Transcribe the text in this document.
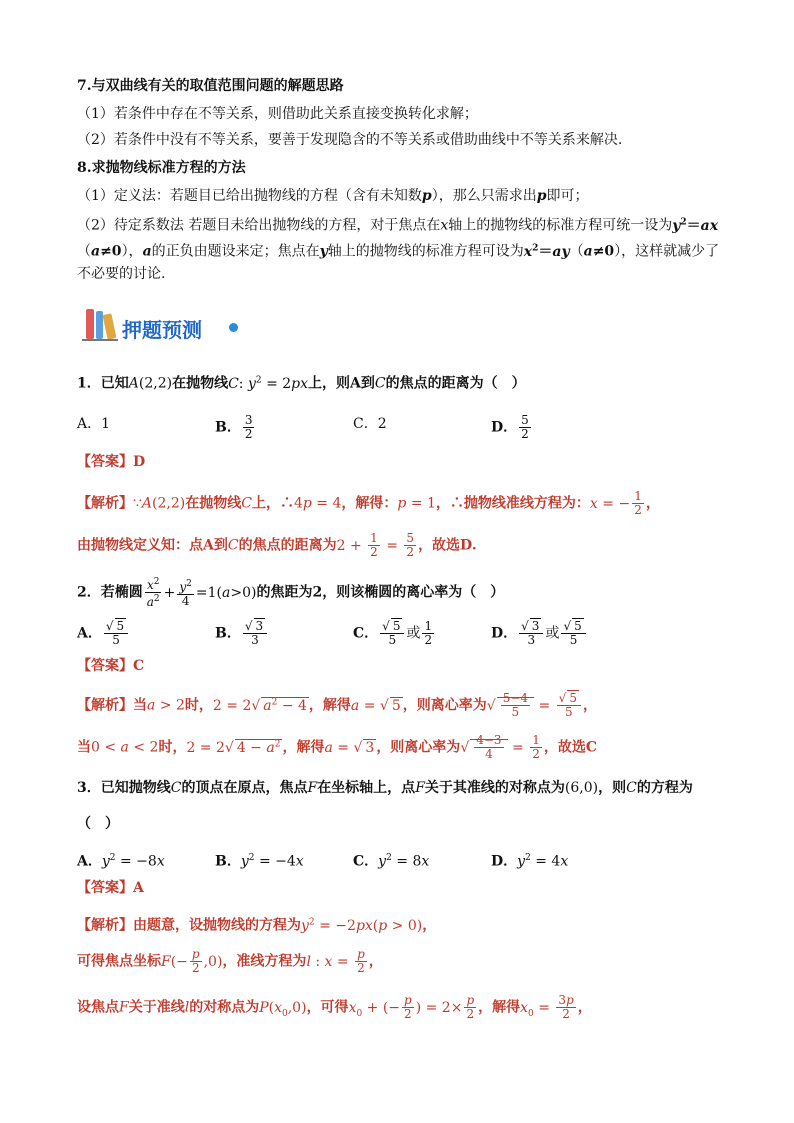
7.与双曲线有关的取值范围问题的解题思路
（1）若条件中存在不等关系，则借助此关系直接变换转化求解；
（2）若条件中没有不等关系，要善于发现隐含的不等关系或借助曲线中不等关系来解决.
8.求抛物线标准方程的方法
（1）定义法：若题目已给出抛物线的方程（含有未知数p），那么只需求出p即可；
（2）待定系数法 若题目未给出抛物线的方程，对于焦点在x轴上的抛物线的标准方程可统一设为$y^2=ax$
（a≠0），a的正负由题设来定；焦点在y轴上的抛物线的标准方程可设为$x^2=ay(a\ne 0)$，这样就减少了
不必要的讨论.
押题预测
1．已知A(2,2)在抛物线C: $y^2 = 2px$上，则A到C的焦点的距离为（　）
A．1	B． $\frac{3}{2}$	C．2	D． $\frac{5}{2}$
【答案】D
【解析】∵A(2,2)在抛物线C上，∴4p = 4，解得：p = 1，∴抛物线准线方程为：x = − $\frac{1}{2}$ ，
由抛物线定义知：点A到C的焦点的距离为$2 + \frac{1}{2} = \frac{5}{2}$ ，故选D.
2．若椭圆 $\frac{x^2}{a^2} + \frac{y^2}{4} =1(a>0)$的焦距为2，则该椭圆的离心率为（　）
A． $\frac{√ 5}{5}$	B． $\frac{√ 3}{3}$	C． $\frac{√ 5}{5}$ 或 $\frac{1}{2}$	D． $\frac{√ 3}{3}$ 或 $\frac{√ 5}{5}$
【答案】C
【解析】当a > 2时，2 = 2√ $a^2 - 4$ ，解得a = √ 5 ，则离心率为√ $\frac{5-4}{5} = \frac{√ 5}{5}$ ，
当0 < a < 2时，2 = 2√ $4 - a^2$ ，解得a = √ 3 ，则离心率为√ $\frac{4-3}{4} = \frac{1}{2}$ ，故选C
3．已知抛物线C的顶点在原点，焦点F在坐标轴上，点F关于其准线的对称点为(6,0)，则C的方程为
（　）
A．$y^2 = -8x$	B．$y^2 = -4x$	C．$y^2 = 8x$	D．$y^2 = 4x$
【答案】A
【解析】由题意，设抛物线的方程为$y^2 = -2px(p > 0)$，
可得焦点坐标$F(- \frac{p}{2} ,0)$，准线方程为l : $x = \frac{p}{2}$ ，
设焦点F关于准线l的对称点为$P(x_0,0)$，可得$x_0$ + (− $\frac{p}{2}$ ) = $2\times \frac{p}{2}$ ，解得$x_0 = \frac{3p}{2}$ ，
